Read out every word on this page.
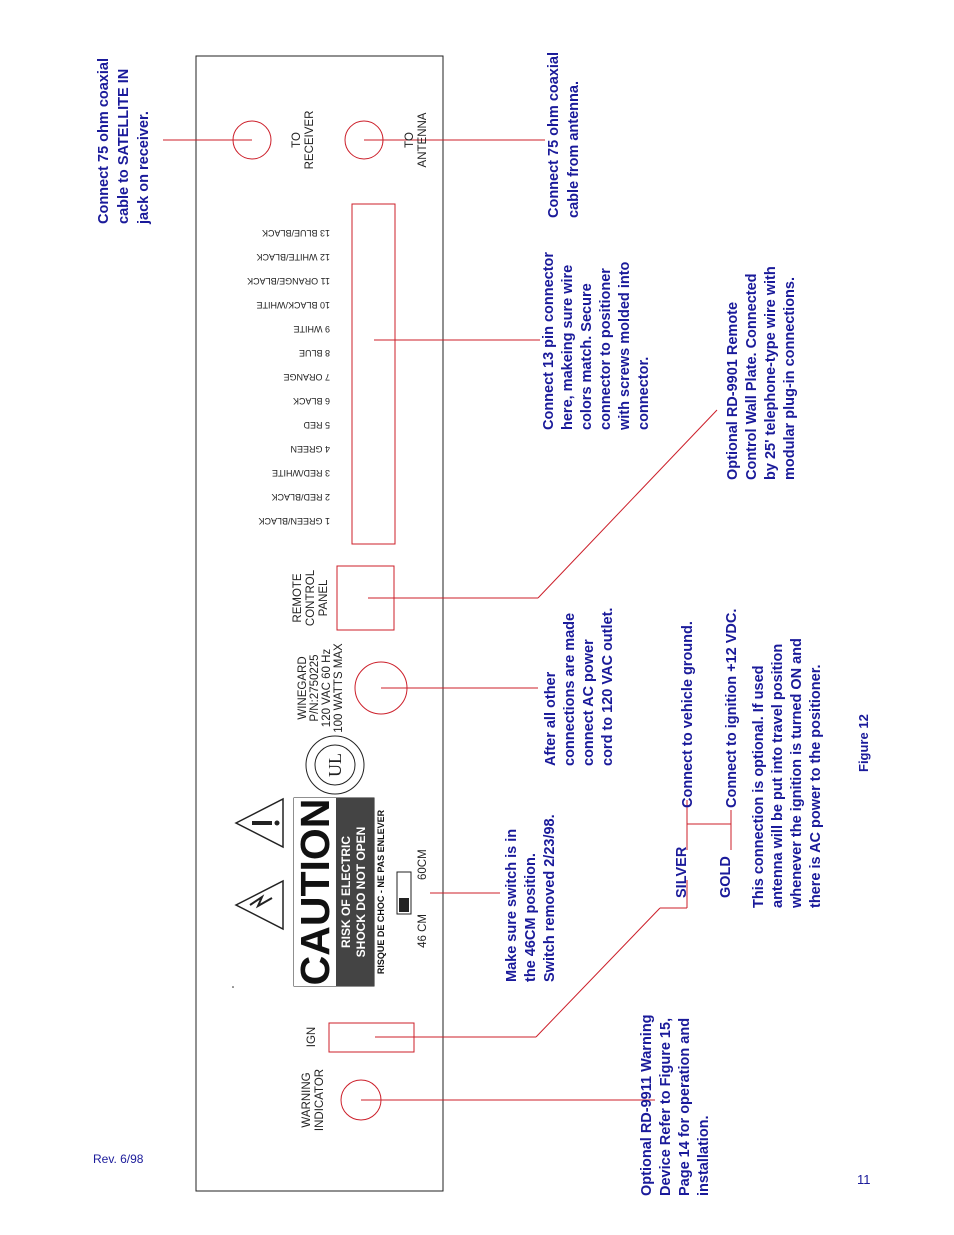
TO RECEIVER	TO ANTENNA
13 BLUE/BLACK
12 WHITE/BLACK
11 ORANGE/BLACK
10 BLACK/WHITE
9 WHITE
8 BLUE
7 ORANGE
6 BLACK
5 RED
4 GREEN
3 RED/WHITE
2 RED/BLACK
1 GREEN/BLACK
REMOTE CONTROL PANEL
WINEGARD P/N:2750225 120 VAC 60 Hz 100 WATTS MAX
UL
CAUTION RISK OF ELECTRIC SHOCK DO NOT OPEN RISQUE DE CHOC - NE PAS ENLEVER	46 CM
60CM
IGN
WARNING INDICATOR
Connect 75 ohm coaxial cable to SATELLITE IN jack on receiver.	Connect 75 ohm coaxial cable from antenna.
Connect 13 pin connector here, makeing sure wire colors match. Secure connector to positioner with screws molded into connector.	Optional RD-9901 Remote Control Wall Plate. Connected by 25' telephone-type wire with modular plug-in connections.
After all other connections are made connect AC power cord to 120 VAC outlet.
Make sure switch is in the 46CM position. Switch removed 2/23/98.	SILVER
Connect to vehicle ground.
GOLD
Connect to ignition +12 VDC. This connection is optional. If used antenna will be put into travel position whenever the ignition is turned ON and there is AC power to the positioner.
Optional RD-9911 Warning Device Refer to Figure 15, Page 14 for operation and installation.
Figure 12
Rev. 6/98
11
